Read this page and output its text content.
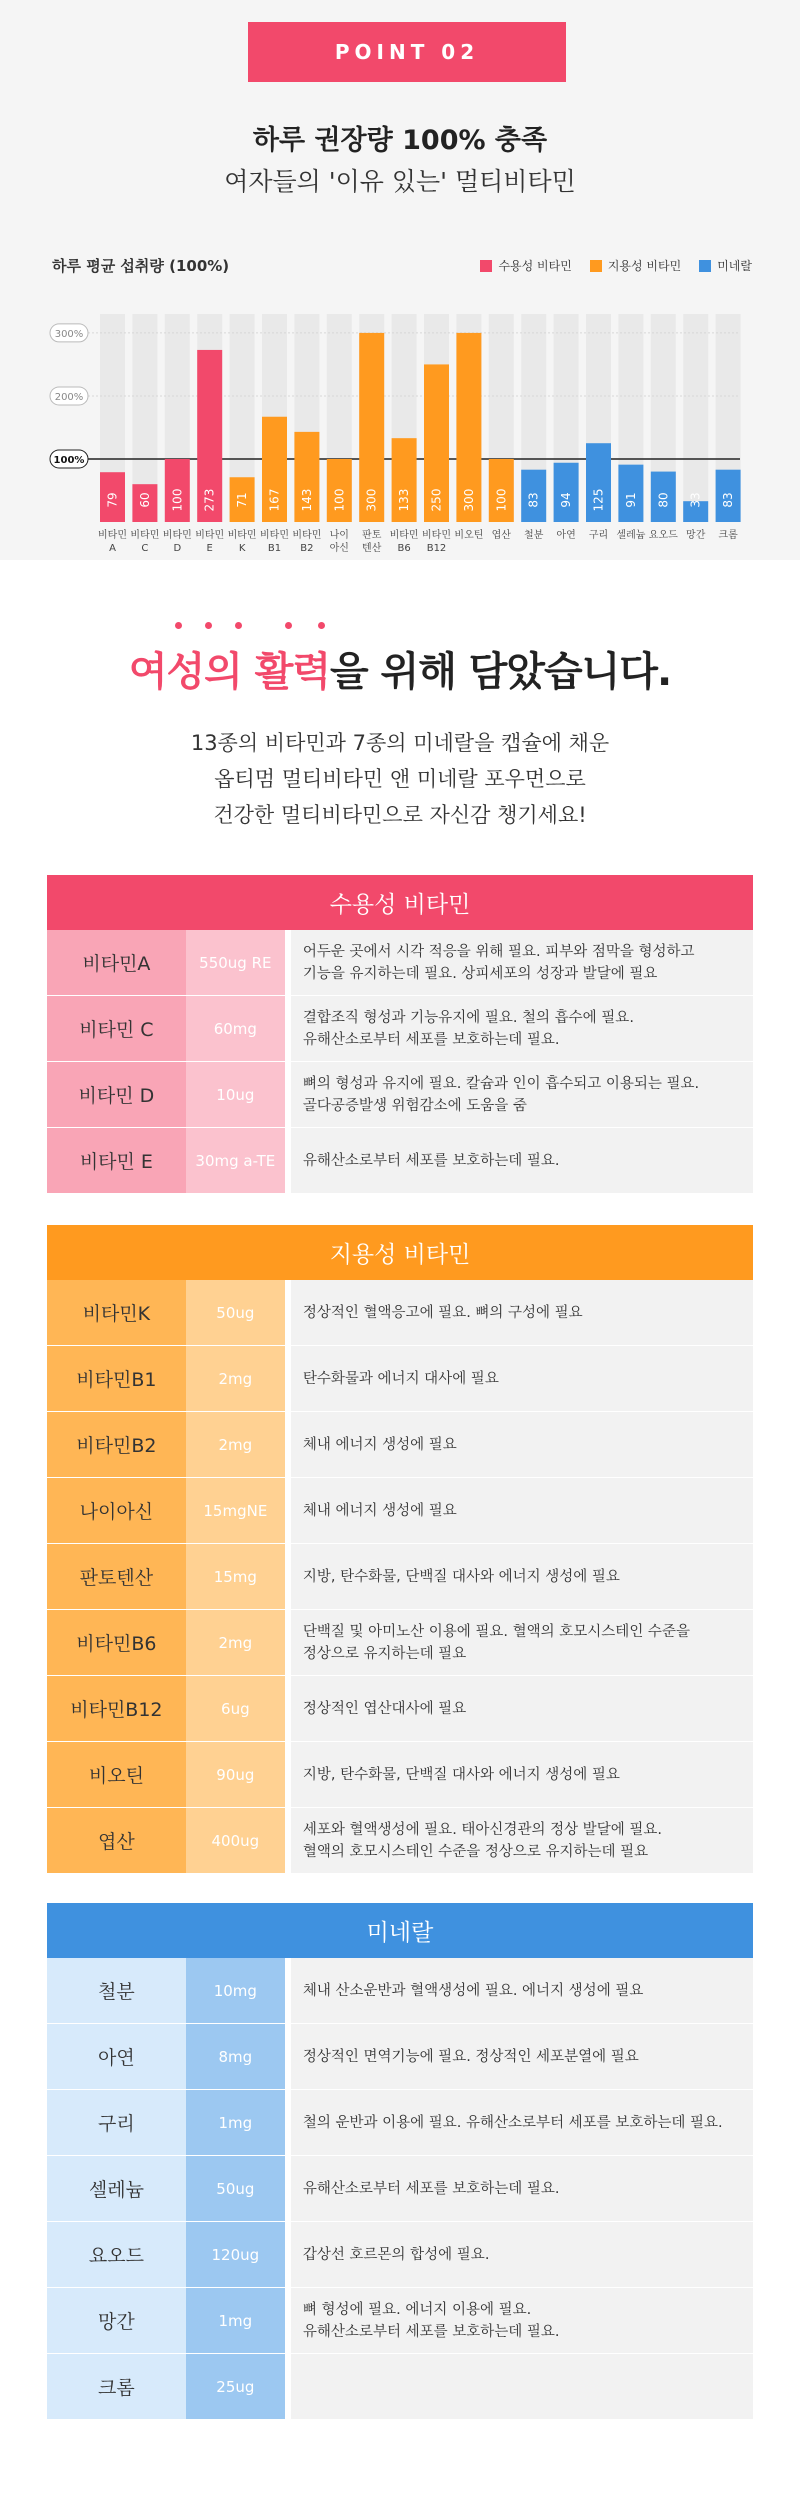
POINT 02
하루 권장량 100% 충족
여자들의 '이유 있는' 멀티비타민
하루 평균 섭취량 (100%)	수용성 비타민	지용성 비타민	미네랄
300%
200%
100%
79
비타민
A
60
비타민
C
100
비타민
D
273
비타민
E
71
비타민
K
167
비타민
B1
143
비타민
B2
100
나이
아신
300
판토
텐산
133
비타민
B6
250
비타민
B12
300
비오틴
100
엽산
83
철분
94
아연
125
구리
91
셀레늄
80
요오드
33
망간
83
크롬
여성의 활력을 위해 담았습니다.
13종의 비타민과 7종의 미네랄을 캡슐에 채운
옵티멈 멀티비타민 앤 미네랄 포우먼으로
건강한 멀티비타민으로 자신감 챙기세요!
수용성 비타민
비타민A	550ug RE
어두운 곳에서 시각 적응을 위해 필요. 피부와 점막을 형성하고
기능을 유지하는데 필요. 상피세포의 성장과 발달에 필요
비타민 C	60mg
결합조직 형성과 기능유지에 필요. 철의 흡수에 필요.
유해산소로부터 세포를 보호하는데 필요.
비타민 D	10ug
뼈의 형성과 유지에 필요. 칼슘과 인이 흡수되고 이용되는 필요.
골다공증발생 위험감소에 도움을 줌
비타민 E	30mg a-TE	유해산소로부터 세포를 보호하는데 필요.
지용성 비타민
비타민K	50ug	정상적인 혈액응고에 필요. 뼈의 구성에 필요
비타민B1	2mg	탄수화물과 에너지 대사에 필요
비타민B2	2mg	체내 에너지 생성에 필요
나이아신	15mgNE	체내 에너지 생성에 필요
판토텐산	15mg	지방, 탄수화물, 단백질 대사와 에너지 생성에 필요
비타민B6	2mg
단백질 및 아미노산 이용에 필요. 혈액의 호모시스테인 수준을
정상으로 유지하는데 필요
비타민B12	6ug	정상적인 엽산대사에 필요
비오틴	90ug	지방, 탄수화물, 단백질 대사와 에너지 생성에 필요
엽산	400ug
세포와 혈액생성에 필요. 태아신경관의 정상 발달에 필요.
혈액의 호모시스테인 수준을 정상으로 유지하는데 필요
미네랄
철분	10mg	체내 산소운반과 혈액생성에 필요. 에너지 생성에 필요
아연	8mg	정상적인 면역기능에 필요. 정상적인 세포분열에 필요
구리	1mg	철의 운반과 이용에 필요. 유해산소로부터 세포를 보호하는데 필요.
셀레늄	50ug	유해산소로부터 세포를 보호하는데 필요.
요오드	120ug	갑상선 호르몬의 합성에 필요.
망간	1mg
뼈 형성에 필요. 에너지 이용에 필요.
유해산소로부터 세포를 보호하는데 필요.
크롬	25ug
